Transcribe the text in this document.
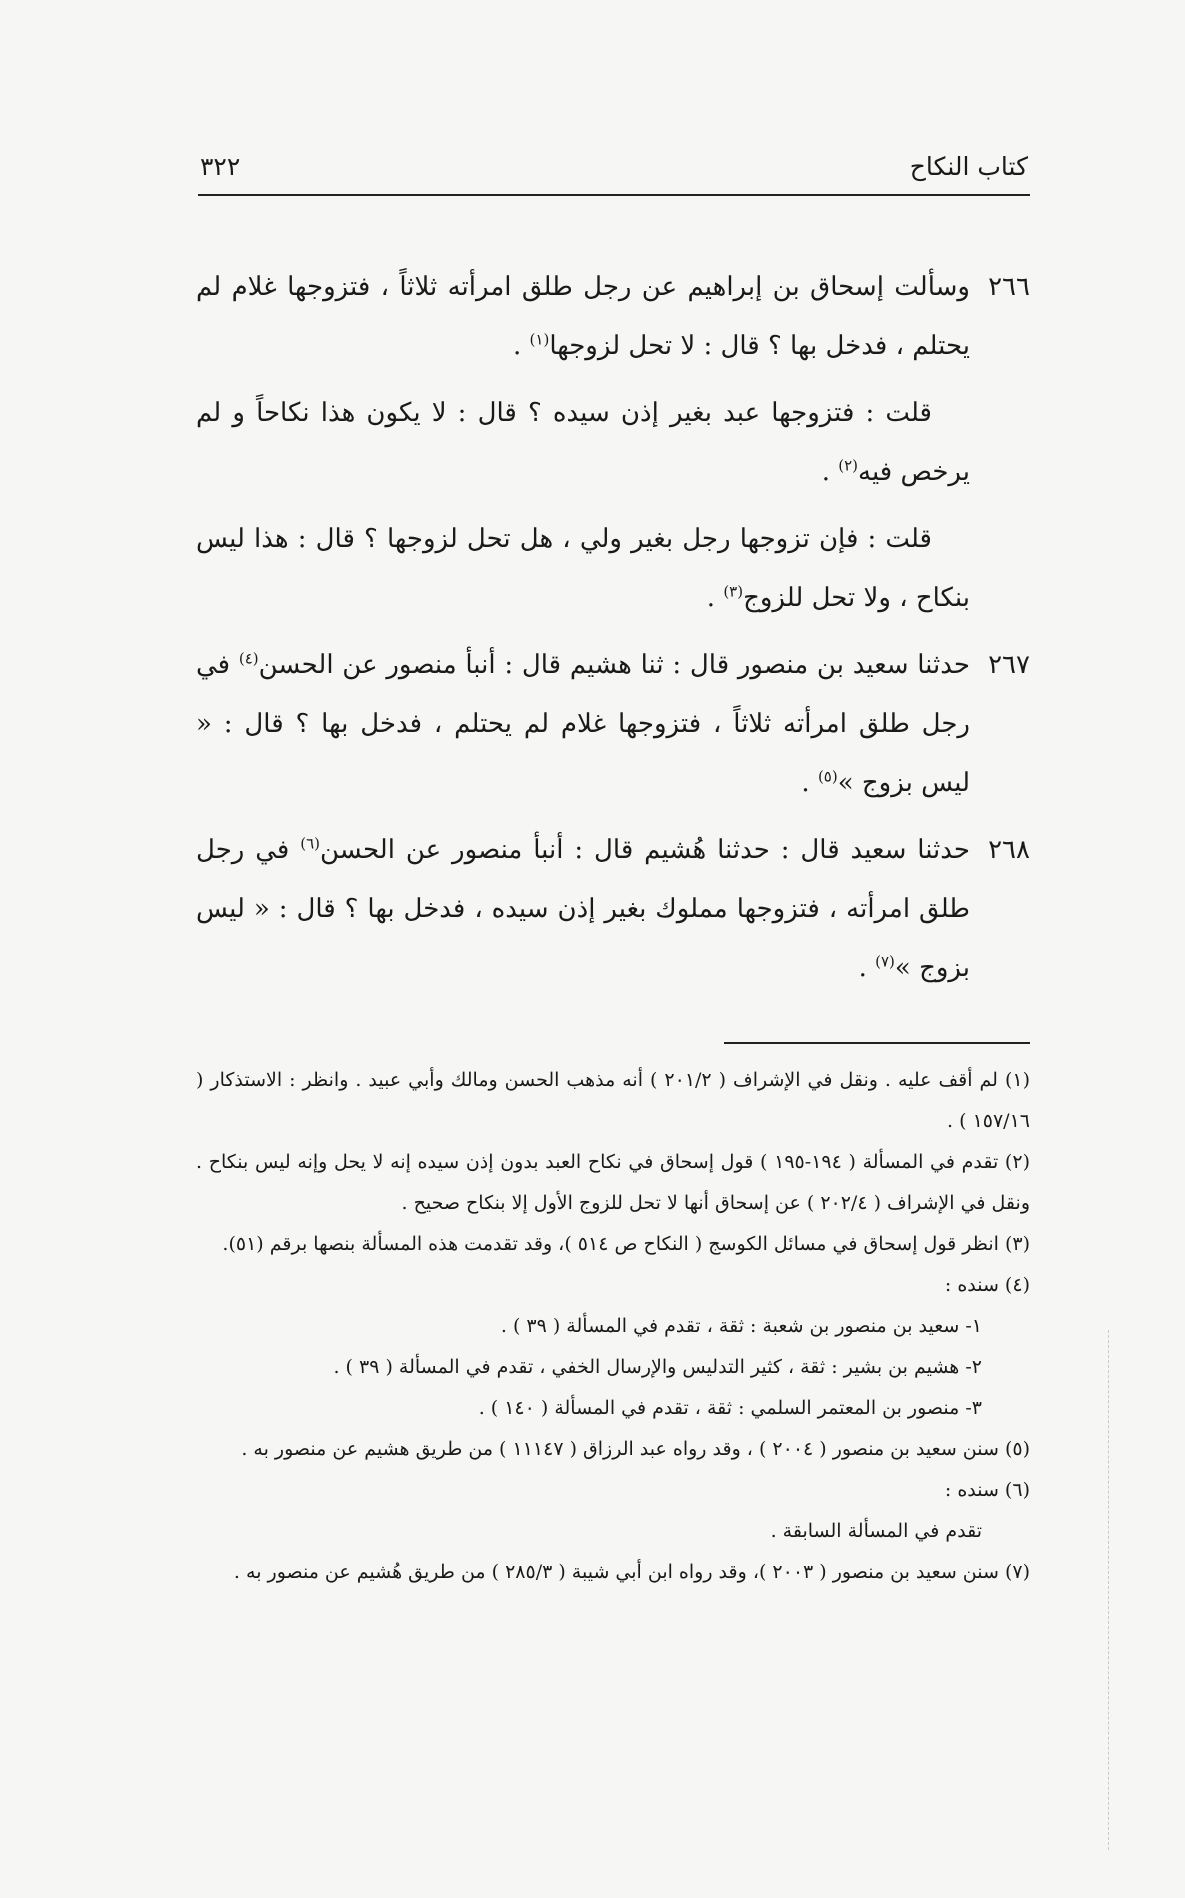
كتاب النكاح
٣٢٢
٢٦٦

وسألت إسحاق بن إبراهيم عن رجل طلق امرأته ثلاثاً ، فتزوجها غلام لم يحتلم ، فدخل بها ؟ قال : لا تحل لزوجها$^{(١)}$ .

قلت : فتزوجها عبد بغير إذن سيده ؟ قال : لا يكون هذا نكاحاً و لم يرخص فيه$^{(٢)}$ .

قلت : فإن تزوجها رجل بغير ولي ، هل تحل لزوجها ؟ قال : هذا ليس بنكاح ، ولا تحل للزوج$^{(٣)}$ .

٢٦٧

حدثنا سعيد بن منصور قال : ثنا هشيم قال : أنبأ منصور عن الحسن$^{(٤)}$ في رجل طلق امرأته ثلاثاً ، فتزوجها غلام لم يحتلم ، فدخل بها ؟ قال : « ليس بزوج »$^{(٥)}$ .

٢٦٨

حدثنا سعيد قال : حدثنا هُشيم قال : أنبأ منصور عن الحسن$^{(٦)}$ في رجل طلق امرأته ، فتزوجها مملوك بغير إذن سيده ، فدخل بها ؟ قال : « ليس بزوج »$^{(٧)}$ .

(١) لم أقف عليه . ونقل في الإشراف ( ٢٠١/٢ ) أنه مذهب الحسن ومالك وأبي عبيد . وانظر : الاستذكار ( ١٥٧/١٦ ) .

(٢) تقدم في المسألة ( ١٩٤-١٩٥ ) قول إسحاق في نكاح العبد بدون إذن سيده إنه لا يحل وإنه ليس بنكاح . ونقل في الإشراف ( ٢٠٢/٤ ) عن إسحاق أنها لا تحل للزوج الأول إلا بنكاح صحيح .

(٣) انظر قول إسحاق في مسائل الكوسج ( النكاح ص ٥١٤ )، وقد تقدمت هذه المسألة بنصها برقم (٥١).

(٤) سنده :

١- سعيد بن منصور بن شعبة : ثقة ، تقدم في المسألة ( ٣٩ ) .

٢- هشيم بن بشير : ثقة ، كثير التدليس والإرسال الخفي ، تقدم في المسألة ( ٣٩ ) .

٣- منصور بن المعتمر السلمي : ثقة ، تقدم في المسألة ( ١٤٠ ) .

(٥) سنن سعيد بن منصور ( ٢٠٠٤ ) ، وقد رواه عبد الرزاق ( ١١١٤٧ ) من طريق هشيم عن منصور به .

(٦) سنده :

تقدم في المسألة السابقة .

(٧) سنن سعيد بن منصور ( ٢٠٠٣ )، وقد رواه ابن أبي شيبة ( ٢٨٥/٣ ) من طريق هُشيم عن منصور به .
